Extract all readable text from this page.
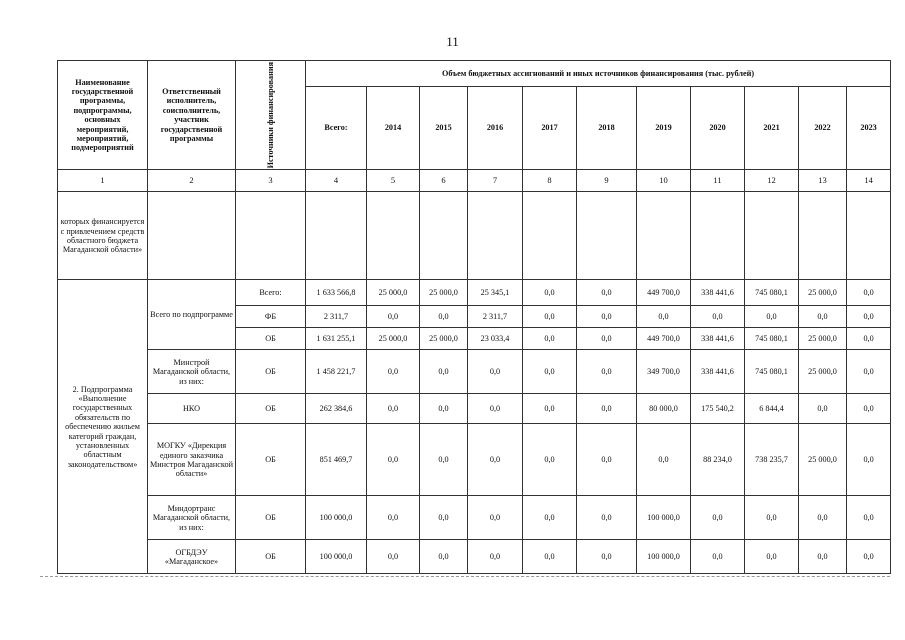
11
Наименование государственной программы, подпрограммы, основных мероприятий, мероприятий, подмероприятий	Ответственный исполнитель, соисполнитель, участник государственной программы	Источники финансирования	Объем бюджетных ассигнований и иных источников финансирования (тыс. рублей)										
			Всего:	2014	2015	2016	2017	2018	2019	2020	2021	2022	2023
1	2	3	4	5	6	7	8	9	10	11	12	13	14
которых финансируется с привлечением средств областного бюджета Магаданской области»													
2. Подпрограмма «Выполнение государственных обязательств по обеспечению жильем категорий граждан, установленных областным законодательством»	Всего по подпрограмме	Всего:	1 633 566,8	25 000,0	25 000,0	25 345,1	0,0	0,0	449 700,0	338 441,6	745 080,1	25 000,0	0,0
		ФБ	2 311,7	0,0	0,0	2 311,7	0,0	0,0	0,0	0,0	0,0	0,0	0,0
		ОБ	1 631 255,1	25 000,0	25 000,0	23 033,4	0,0	0,0	449 700,0	338 441,6	745 080,1	25 000,0	0,0
	Минстрой Магаданской области, из них:	ОБ	1 458 221,7	0,0	0,0	0,0	0,0	0,0	349 700,0	338 441,6	745 080,1	25 000,0	0,0
	НКО	ОБ	262 384,6	0,0	0,0	0,0	0,0	0,0	80 000,0	175 540,2	6 844,4	0,0	0,0
	МОГКУ «Дирекция единого заказчика Минстроя Магаданской области»	ОБ	851 469,7	0,0	0,0	0,0	0,0	0,0	0,0	88 234,0	738 235,7	25 000,0	0,0
	Миндортранс Магаданской области, из них:	ОБ	100 000,0	0,0	0,0	0,0	0,0	0,0	100 000,0	0,0	0,0	0,0	0,0
	ОГБДЭУ «Магаданское»	ОБ	100 000,0	0,0	0,0	0,0	0,0	0,0	100 000,0	0,0	0,0	0,0	0,0
